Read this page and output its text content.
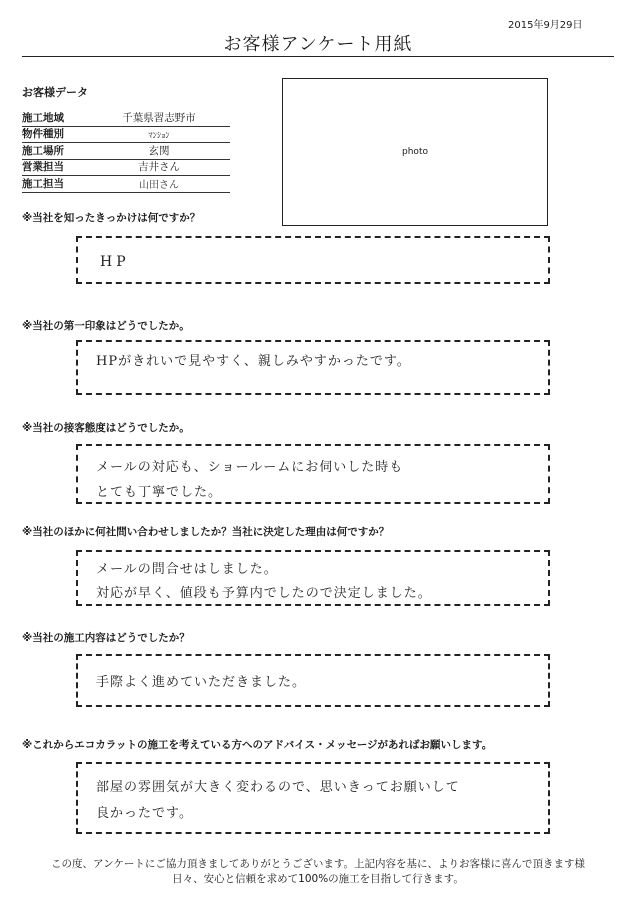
2015年9月29日
お客様アンケート用紙
お客様データ
施工地域	千葉県習志野市
物件種別	ﾏﾝｼｮﾝ
施工場所	玄関
営業担当	吉井さん
施工担当	山田さん
photo
※当社を知ったきっかけは何ですか？
HP
※当社の第一印象はどうでしたか。
HPがきれいで見やすく、親しみやすかったです。
※当社の接客態度はどうでしたか。
メールの対応も、ショールームにお伺いした時も
とても丁寧でした。
※当社のほかに何社問い合わせしましたか？当社に決定した理由は何ですか？
メールの問合せはしました。
対応が早く、値段も予算内でしたので決定しました。
※当社の施工内容はどうでしたか？
手際よく進めていただきました。
※これからエコカラットの施工を考えている方へのアドバイス・メッセージがあればお願いします。
部屋の雰囲気が大きく変わるので、思いきってお願いして
良かったです。
この度、アンケートにご協力頂きましてありがとうございます。上記内容を基に、よりお客様に喜んで頂きます様
日々、安心と信頼を求めて100%の施工を目指して行きます。
